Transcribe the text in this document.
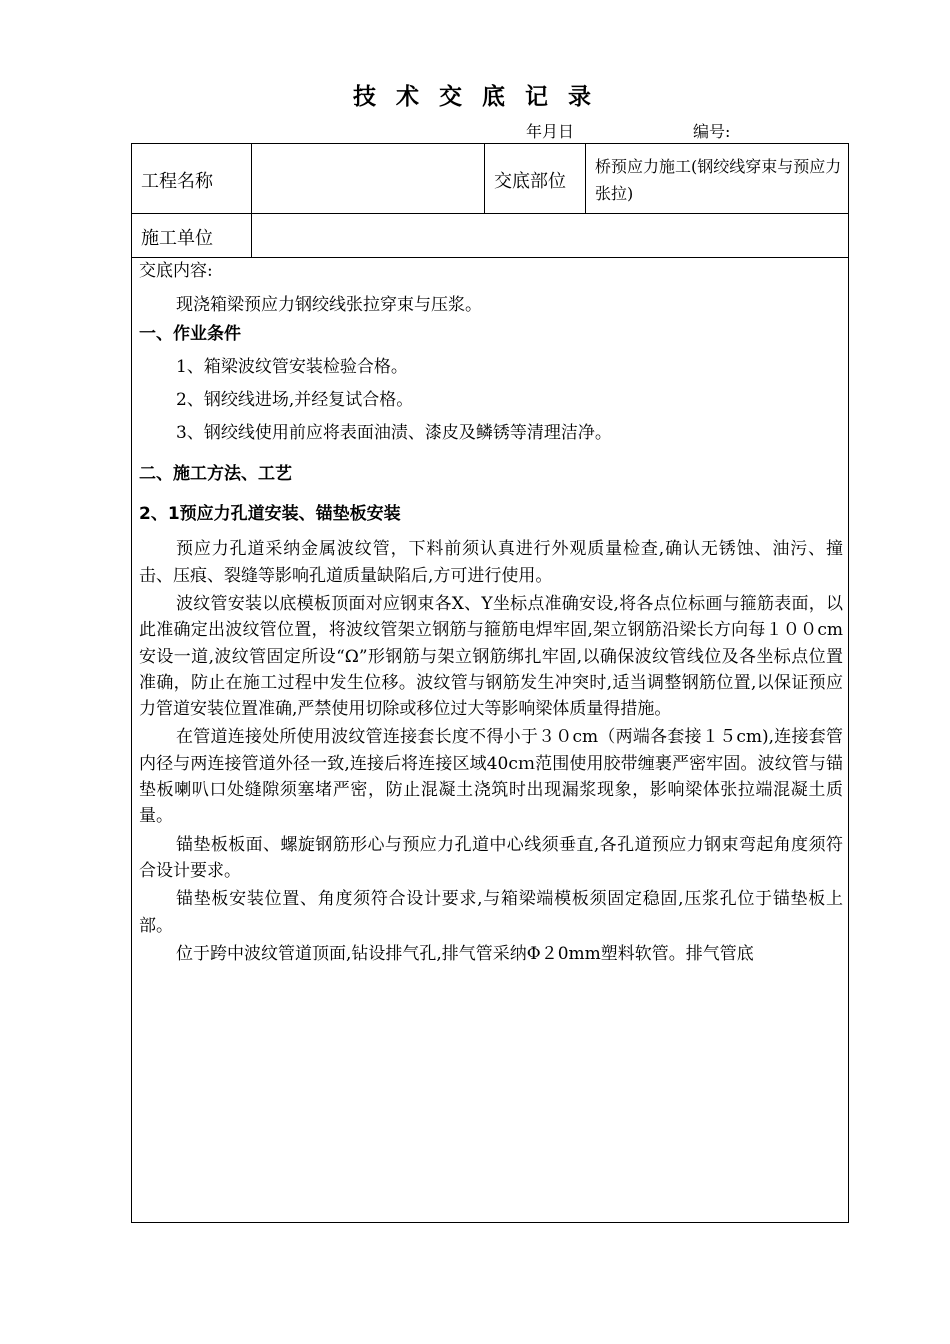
技 术 交 底 记 录
年月日	编号:
工程名称	交底部位
桥预应力施工(钢绞线穿束与预应力张拉)
施工单位

交底内容:

现浇箱梁预应力钢绞线张拉穿束与压浆。

一、作业条件

1、箱梁波纹管安装检验合格。

2、钢绞线进场,并经复试合格。

3、钢绞线使用前应将表面油渍、漆皮及鳞锈等清理洁净。

二、施工方法、工艺

2、1预应力孔道安装、锚垫板安装

预应力孔道采纳金属波纹管，下料前须认真进行外观质量检查,确认无锈蚀、油污、撞击、压痕、裂缝等影响孔道质量缺陷后,方可进行使用。

波纹管安装以底模板顶面对应钢束各X、Y坐标点准确安设,将各点位标画与箍筋表面，以此准确定出波纹管位置，将波纹管架立钢筋与箍筋电焊牢固,架立钢筋沿梁长方向每１００cm安设一道,波纹管固定所设“Ω”形钢筋与架立钢筋绑扎牢固,以确保波纹管线位及各坐标点位置准确，防止在施工过程中发生位移。波纹管与钢筋发生冲突时,适当调整钢筋位置,以保证预应力管道安装位置准确,严禁使用切除或移位过大等影响梁体质量得措施。

在管道连接处所使用波纹管连接套长度不得小于３０cm（两端各套接１５cm),连接套管内径与两连接管道外径一致,连接后将连接区域40cｍ范围使用胶带缠裹严密牢固。波纹管与锚垫板喇叭口处缝隙须塞堵严密，防止混凝土浇筑时出现漏浆现象，影响梁体张拉端混凝土质量。

锚垫板板面、螺旋钢筋形心与预应力孔道中心线须垂直,各孔道预应力钢束弯起角度须符合设计要求。

锚垫板安装位置、角度须符合设计要求,与箱梁端模板须固定稳固,压浆孔位于锚垫板上部。

位于跨中波纹管道顶面,钻设排气孔,排气管采纳Φ２0mm塑料软管。排气管底
